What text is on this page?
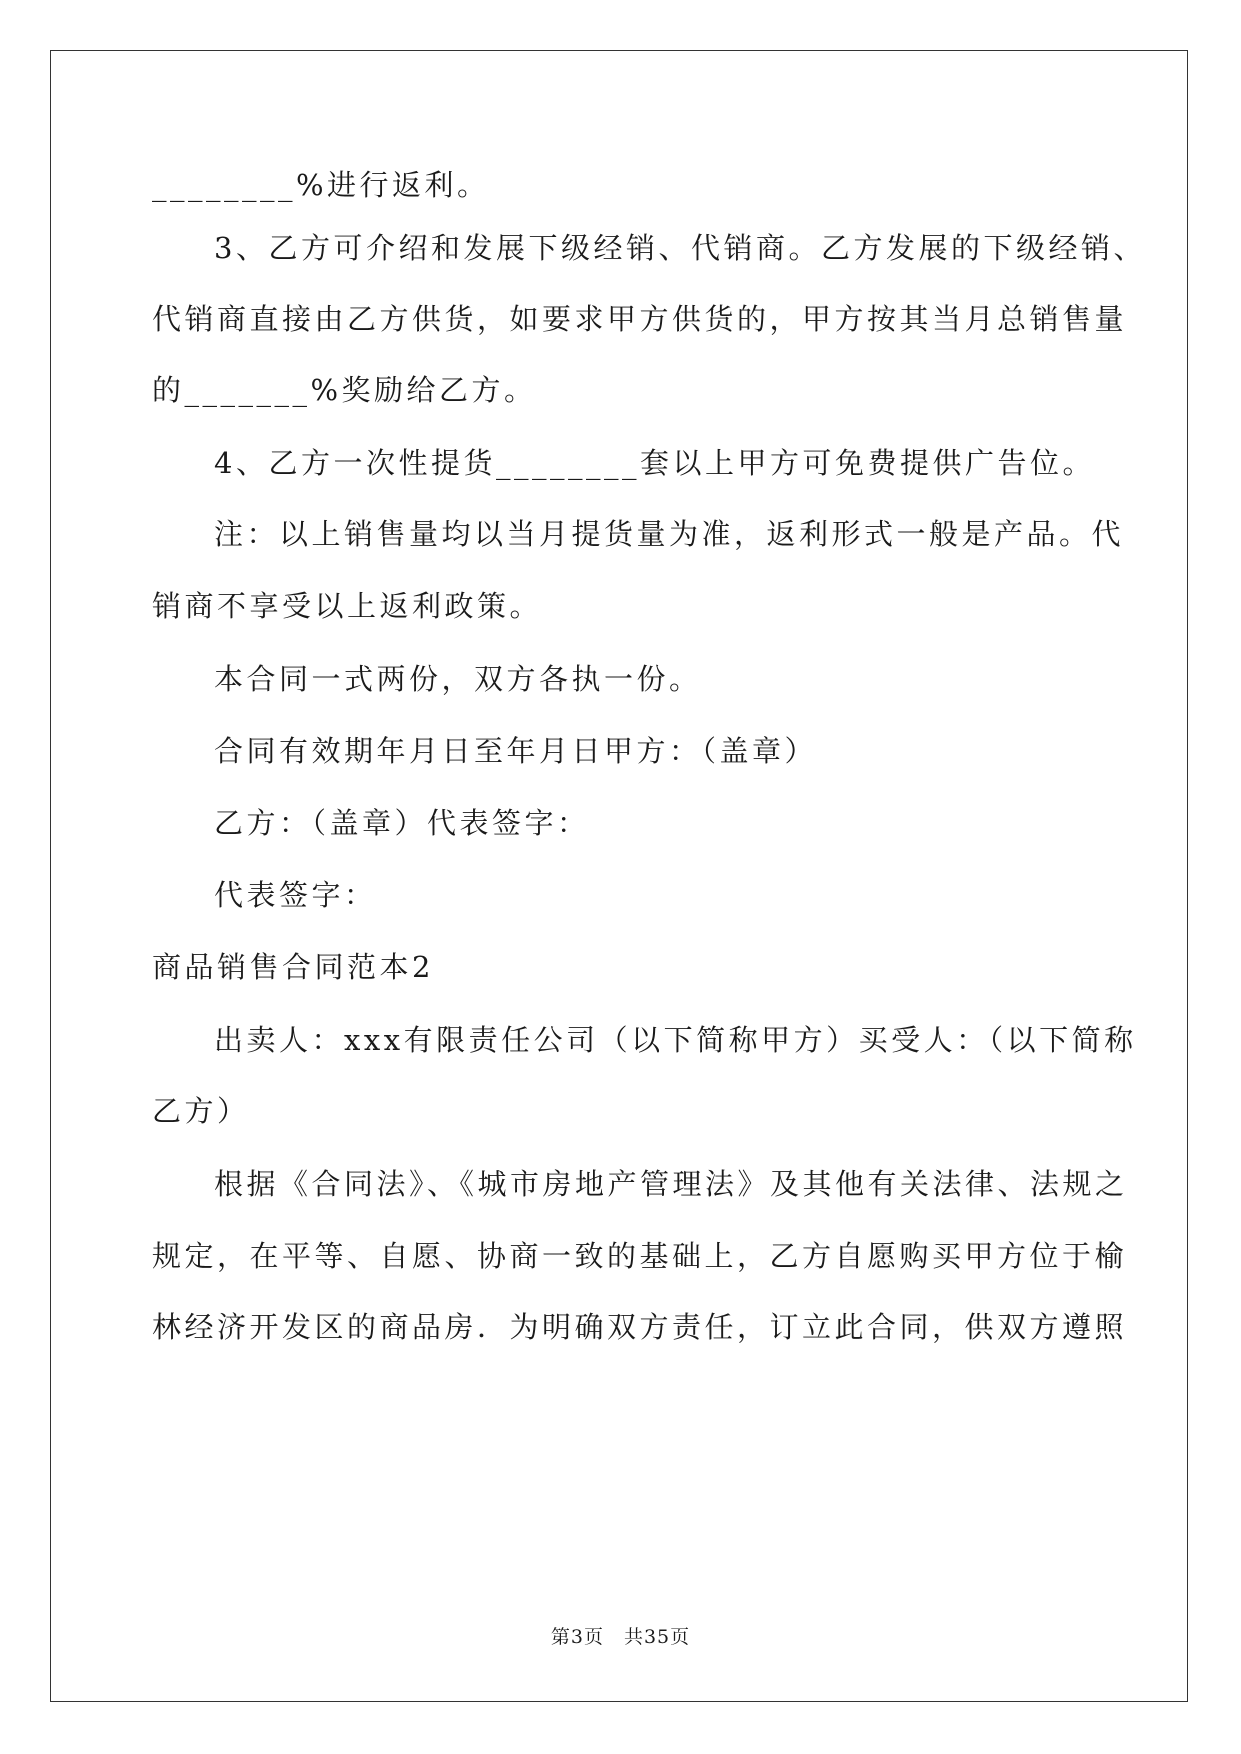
________%进行返利。
3、乙方可介绍和发展下级经销、代销商。乙方发展的下级经销、
代销商直接由乙方供货，如要求甲方供货的，甲方按其当月总销售量
的_______%奖励给乙方。
4、乙方一次性提货________套以上甲方可免费提供广告位。
注：以上销售量均以当月提货量为准，返利形式一般是产品。代
销商不享受以上返利政策。
本合同一式两份，双方各执一份。
合同有效期年月日至年月日甲方：（盖章）
乙方：（盖章）代表签字：
代表签字：
商品销售合同范本2
出卖人：xxx有限责任公司（以下简称甲方）买受人：（以下简称
乙方）
根据《合同法》、《城市房地产管理法》及其他有关法律、法规之
规定，在平等、自愿、协商一致的基础上，乙方自愿购买甲方位于榆
林经济开发区的商品房．为明确双方责任，订立此合同，供双方遵照
第3页　共35页
